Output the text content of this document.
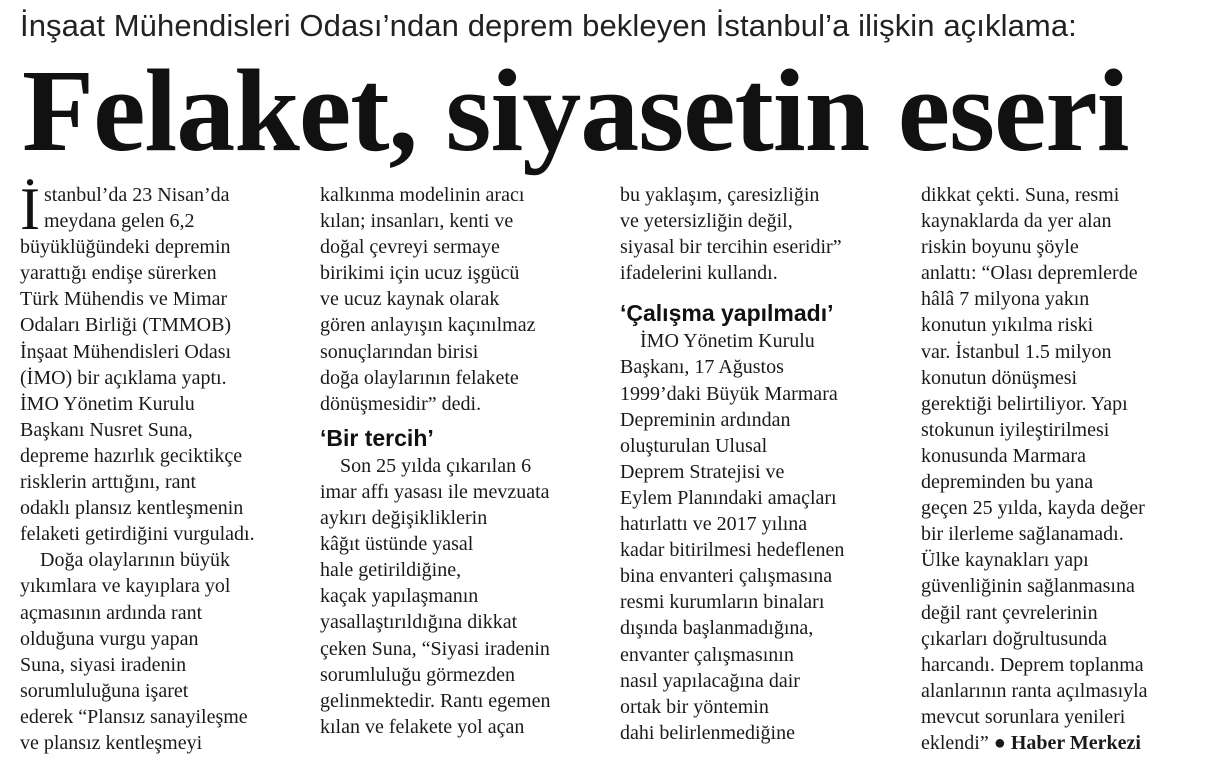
İnşaat Mühendisleri Odası’ndan deprem bekleyen İstanbul’a ilişkin açıklama:
Felaket, siyasetin eseri
İ stanbul’da 23 Nisan’da
meydana gelen 6,2
büyüklüğündeki depremin
yarattığı endişe sürerken
Türk Mühendis ve Mimar
Odaları Birliği (TMMOB)
İnşaat Mühendisleri Odası
(İMO) bir açıklama yaptı.
İMO Yönetim Kurulu
Başkanı Nusret Suna,
depreme hazırlık geciktikçe
risklerin arttığını, rant
odaklı plansız kentleşmenin
felaketi getirdiğini vurguladı.
Doğa olaylarının büyük
yıkımlara ve kayıplara yol
açmasının ardında rant
olduğuna vurgu yapan
Suna, siyasi iradenin
sorumluluğuna işaret
ederek “Plansız sanayileşme
ve plansız kentleşmeyi
kalkınma modelinin aracı
kılan; insanları, kenti ve
doğal çevreyi sermaye
birikimi için ucuz işgücü
ve ucuz kaynak olarak
gören anlayışın kaçınılmaz
sonuçlarından birisi
doğa olaylarının felakete
dönüşmesidir” dedi.
‘Bir tercih’
Son 25 yılda çıkarılan 6
imar affı yasası ile mevzuata
aykırı değişikliklerin
kâğıt üstünde yasal
hale getirildiğine,
kaçak yapılaşmanın
yasallaştırıldığına dikkat
çeken Suna, “Siyasi iradenin
sorumluluğu görmezden
gelinmektedir. Rantı egemen
kılan ve felakete yol açan
bu yaklaşım, çaresizliğin
ve yetersizliğin değil,
siyasal bir tercihin eseridir”
ifadelerini kullandı.
‘Çalışma yapılmadı’
İMO Yönetim Kurulu
Başkanı, 17 Ağustos
1999’daki Büyük Marmara
Depreminin ardından
oluşturulan Ulusal
Deprem Stratejisi ve
Eylem Planındaki amaçları
hatırlattı ve 2017 yılına
kadar bitirilmesi hedeflenen
bina envanteri çalışmasına
resmi kurumların binaları
dışında başlanmadığına,
envanter çalışmasının
nasıl yapılacağına dair
ortak bir yöntemin
dahi belirlenmediğine
dikkat çekti. Suna, resmi
kaynaklarda da yer alan
riskin boyunu şöyle
anlattı: “Olası depremlerde
hâlâ 7 milyona yakın
konutun yıkılma riski
var. İstanbul 1.5 milyon
konutun dönüşmesi
gerektiği belirtiliyor. Yapı
stokunun iyileştirilmesi
konusunda Marmara
depreminden bu yana
geçen 25 yılda, kayda değer
bir ilerleme sağlanamadı.
Ülke kaynakları yapı
güvenliğinin sağlanmasına
değil rant çevrelerinin
çıkarları doğrultusunda
harcandı. Deprem toplanma
alanlarının ranta açılmasıyla
mevcut sorunlara yenileri
eklendi” ● Haber Merkezi
